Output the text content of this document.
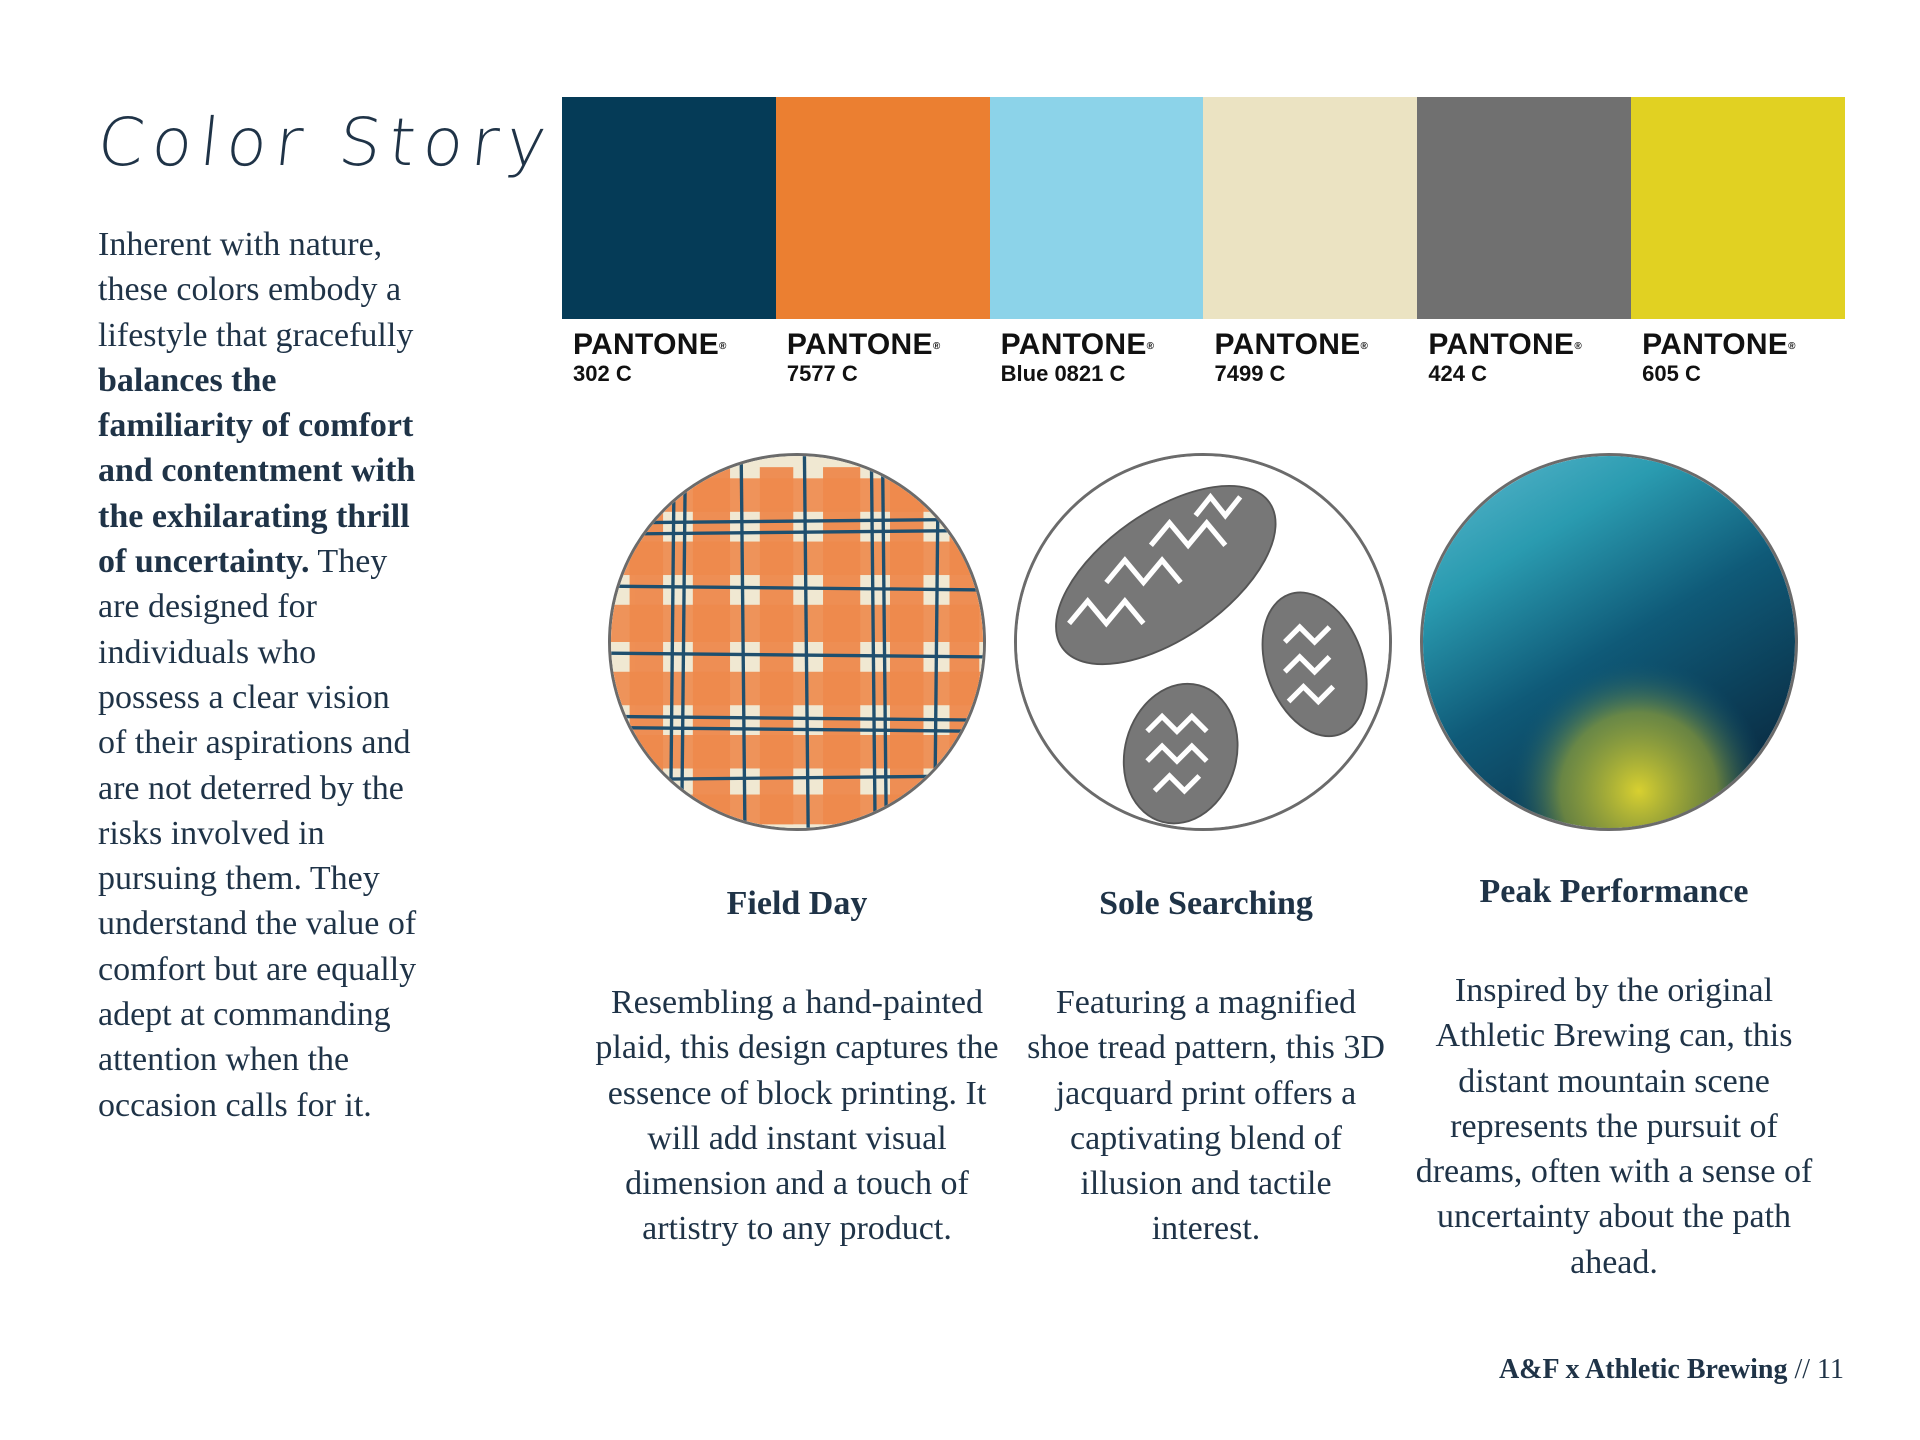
Color Story
Inherent with nature, these colors embody a lifestyle that gracefully balances the familiarity of comfort and contentment with the exhilarating thrill of uncertainty. They are designed for individuals who possess a clear vision of their aspirations and are not deterred by the risks involved in pursuing them. They understand the value of comfort but are equally adept at commanding attention when the occasion calls for it.
PANTONE®
302 C
PANTONE®
7577 C
PANTONE®
Blue 0821 C
PANTONE®
7499 C
PANTONE®
424 C
PANTONE®
605 C
Field Day
Resembling a hand-painted plaid, this design captures the essence of block printing. It will add instant visual dimension and a touch of artistry to any product.
Sole Searching
Featuring a magnified shoe tread pattern, this 3D jacquard print offers a captivating blend of illusion and tactile interest.
Peak Performance
Inspired by the original Athletic Brewing can, this distant mountain scene represents the pursuit of dreams, often with a sense of uncertainty about the path ahead.
A&F x Athletic Brewing // 11
